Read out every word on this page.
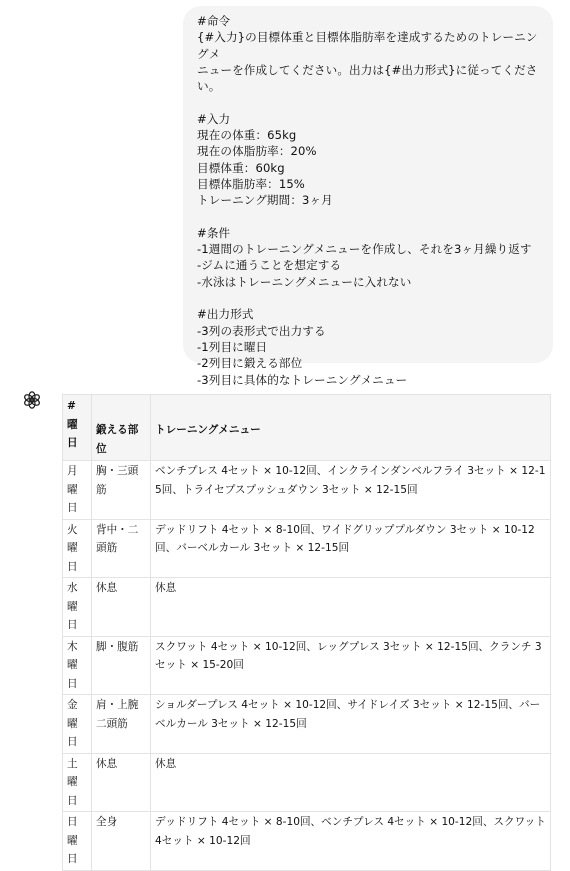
#命令
{#入力}の目標体重と目標体脂肪率を達成するためのトレーニングメ
ニューを作成してください。出力は{#出力形式}に従ってください。
#入力
現在の体重：65kg
現在の体脂肪率：20%
目標体重：60kg
目標体脂肪率：15%
トレーニング期間：3ヶ月
#条件
-1週間のトレーニングメニューを作成し、それを3ヶ月繰り返す
-ジムに通うことを想定する
-水泳はトレーニングメニューに入れない
#出力形式
-3列の表形式で出力する
-1列目に曜日
-2列目に鍛える部位
-3列目に具体的なトレーニングメニュー
# 曜日	鍛える部位	トレーニングメニュー
月曜日	胸・三頭筋	ベンチプレス 4セット × 10-12回、インクラインダンベルフライ 3セット × 12-15回、トライセプスプッシュダウン 3セット × 12-15回
火曜日	背中・二頭筋	デッドリフト 4セット × 8-10回、ワイドグリッププルダウン 3セット × 10-12回、バーベルカール 3セット × 12-15回
水曜日	休息	休息
木曜日	脚・腹筋	スクワット 4セット × 10-12回、レッグプレス 3セット × 12-15回、クランチ 3セット × 15-20回
金曜日	肩・上腕二頭筋	ショルダープレス 4セット × 10-12回、サイドレイズ 3セット × 12-15回、バーベルカール 3セット × 12-15回
土曜日	休息	休息
日曜日	全身	デッドリフト 4セット × 8-10回、ベンチプレス 4セット × 10-12回、スクワット 4セット × 10-12回
